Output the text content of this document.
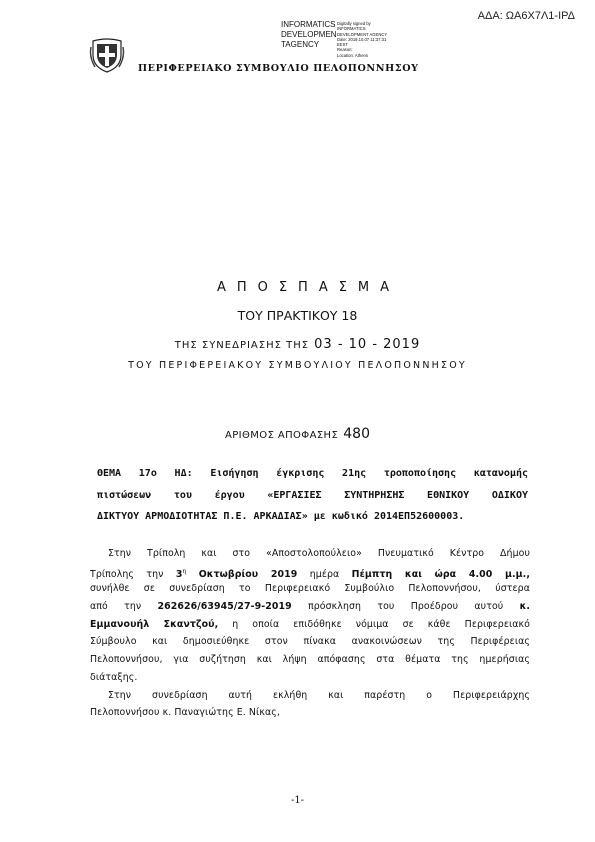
ΑΔΑ: ΩΑ6Χ7Λ1-ΙΡΔ
INFORMATICS
DEVELOPMEN
TAGENCY
Digitally signed by
INFORMATICS
DEVELOPMENT AGENCY
Date: 2019.10.07 11:37:31
EEST
Reason:
Location: Athens
ΠΕΡΙΦΕΡΕΙΑΚΟ ΣΥΜΒΟΥΛΙΟ ΠΕΛΟΠΟΝΝΗΣΟΥ
ΑΠΟΣΠΑΣΜΑ
ΤΟΥ ΠΡΑΚΤΙΚΟΥ 18
ΤΗΣ ΣΥΝΕΔΡΙΑΣΗΣ ΤΗΣ 03 - 10 - 2019
ΤΟΥ ΠΕΡΙΦΕΡΕΙΑΚΟΥ ΣΥΜΒΟΥΛΙΟΥ ΠΕΛΟΠΟΝΝΗΣΟΥ
ΑΡΙΘΜΟΣ ΑΠΟΦΑΣΗΣ 480
ΘΕΜΑ 17ο ΗΔ: Εισήγηση έγκρισης 21ης τροποποίησης κατανομής
πιστώσεων του έργου «ΕΡΓΑΣΙΕΣ ΣΥΝΤΗΡΗΣΗΣ ΕΘΝΙΚΟΥ ΟΔΙΚΟΥ
ΔΙΚΤΥΟΥ ΑΡΜΟΔΙΟΤΗΤΑΣ Π.Ε. ΑΡΚΑΔΙΑΣ» με κωδικό 2014ΕΠ52600003.
Στην Τρίπολη και στο «Αποστολοπούλειο» Πνευματικό Κέντρο Δήμου
Τρίπολης την $3^\eta$ Οκτωβρίου 2019 ημέρα Πέμπτη και ώρα 4.00 μ.μ.,
συνήλθε σε συνεδρίαση το Περιφερειακό Συμβούλιο Πελοποννήσου, ύστερα
από την 262626/63945/27-9-2019 πρόσκληση του Προέδρου αυτού κ.
Εμμανουήλ Σκαντζού, η οποία επιδόθηκε νόμιμα σε κάθε Περιφερειακό
Σύμβουλο και δημοσιεύθηκε στον πίνακα ανακοινώσεων της Περιφέρειας
Πελοποννήσου, για συζήτηση και λήψη απόφασης στα θέματα της ημερήσιας
διάταξης.
Στην συνεδρίαση αυτή εκλήθη και παρέστη ο Περιφερειάρχης
Πελοποννήσου κ. Παναγιώτης Ε. Νίκας,
-1-
